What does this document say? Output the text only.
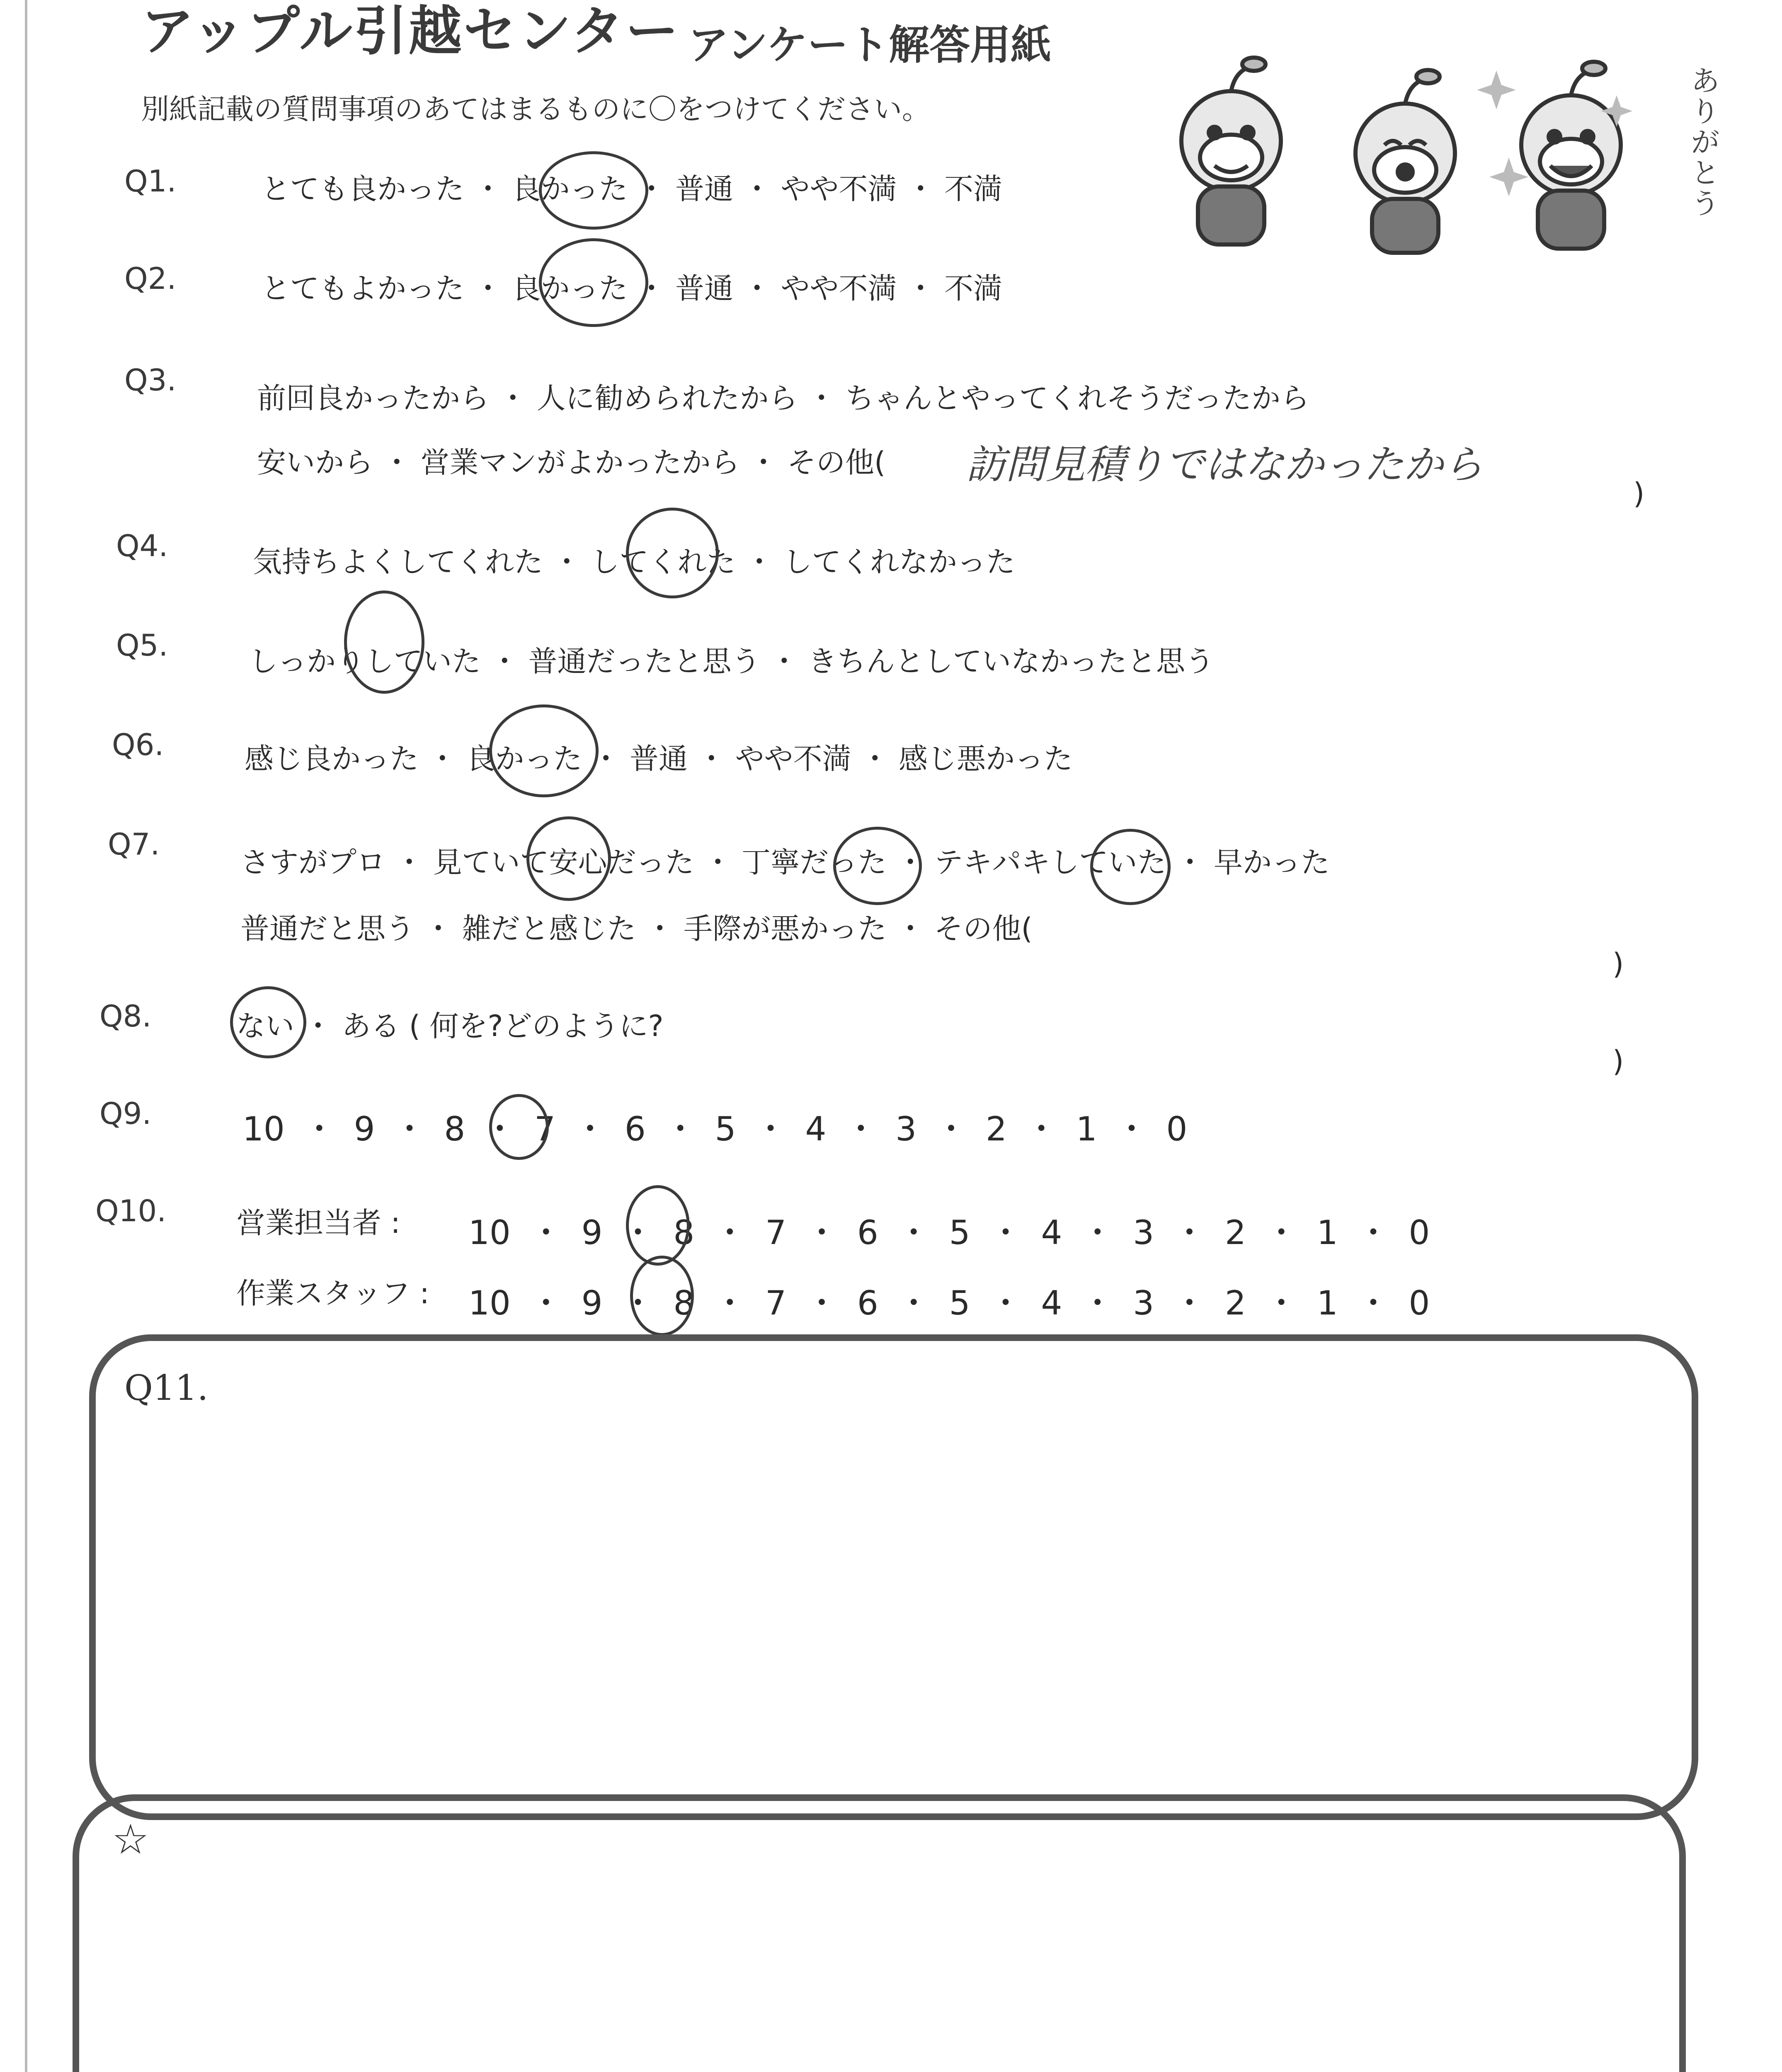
アップル引越センター アンケート解答用紙
別紙記載の質問事項のあてはまるものに〇をつけてください。
ありがとう
Q1.	とても良かった ・ 良かった ・ 普通 ・ やや不満 ・ 不満
Q2.	とてもよかった ・ 良かった ・ 普通 ・ やや不満 ・ 不満
Q3.
前回良かったから ・ 人に勧められたから ・ ちゃんとやってくれそうだったから
安いから ・ 営業マンがよかったから ・ その他( 訪問見積りではなかったから
)
Q4.	気持ちよくしてくれた ・ してくれた ・ してくれなかった
Q5.	しっかりしていた ・ 普通だったと思う ・ きちんとしていなかったと思う
Q6.	感じ良かった ・ 良かった ・ 普通 ・ やや不満 ・ 感じ悪かった
Q7.
さすがプロ ・ 見ていて安心だった ・ 丁寧だった ・ テキパキしていた ・ 早かった
普通だと思う ・ 雑だと感じた ・ 手際が悪かった ・ その他(
)
Q8.	ない ・ ある ( 何を?どのように?
)
Q9.	10 ・ 9 ・ 8 ・ 7 ・ 6 ・ 5 ・ 4 ・ 3 ・ 2 ・ 1 ・ 0
Q10. 営業担当者 : 10 ・ 9 ・ 8 ・ 7 ・ 6 ・ 5 ・ 4 ・ 3 ・ 2 ・ 1 ・ 0
作業スタッフ : 10 ・ 9 ・ 8 ・ 7 ・ 6 ・ 5 ・ 4 ・ 3 ・ 2 ・ 1 ・ 0
Q11.
☆
